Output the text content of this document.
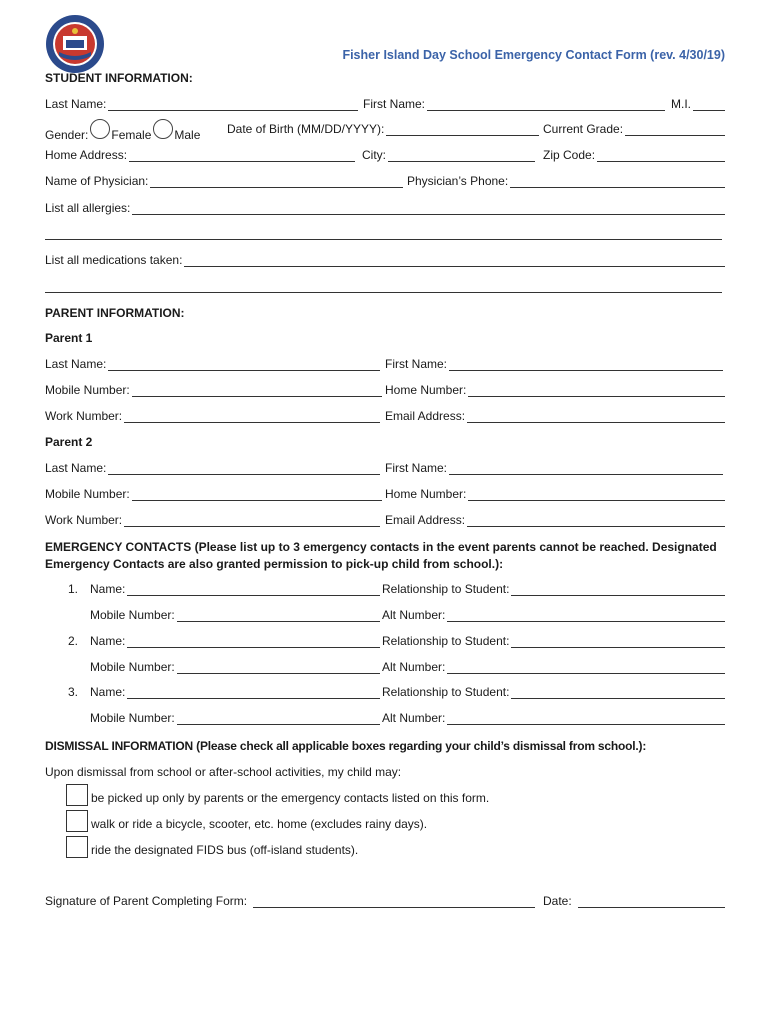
Fisher Island Day School Emergency Contact Form (rev. 4/30/19)
STUDENT INFORMATION:
Last Name:	First Name:	M.I.
Gender: Female Male Date of Birth (MM/DD/YYYY):	Current Grade:
Home Address:	City:	Zip Code:
Name of Physician:	Physician’s Phone:
List all allergies:
List all medications taken:
PARENT INFORMATION:
Parent 1
Last Name:	First Name:
Mobile Number:	Home Number:
Work Number:	Email Address:
Parent 2
Last Name:	First Name:
Mobile Number:	Home Number:
Work Number:	Email Address:
EMERGENCY CONTACTS (Please list up to 3 emergency contacts in the event parents cannot be reached. Designated
Emergency Contacts are also granted permission to pick-up child from school.):
1. Name:	Relationship to Student:
Mobile Number:	Alt Number:
2. Name:	Relationship to Student:
Mobile Number:	Alt Number:
3. Name:	Relationship to Student:
Mobile Number:	Alt Number:
DISMISSAL INFORMATION (Please check all applicable boxes regarding your child’s dismissal from school.):
Upon dismissal from school or after-school activities, my child may:
be picked up only by parents or the emergency contacts listed on this form.
walk or ride a bicycle, scooter, etc. home (excludes rainy days).
ride the designated FIDS bus (off-island students).
Signature of Parent Completing Form:	Date:
